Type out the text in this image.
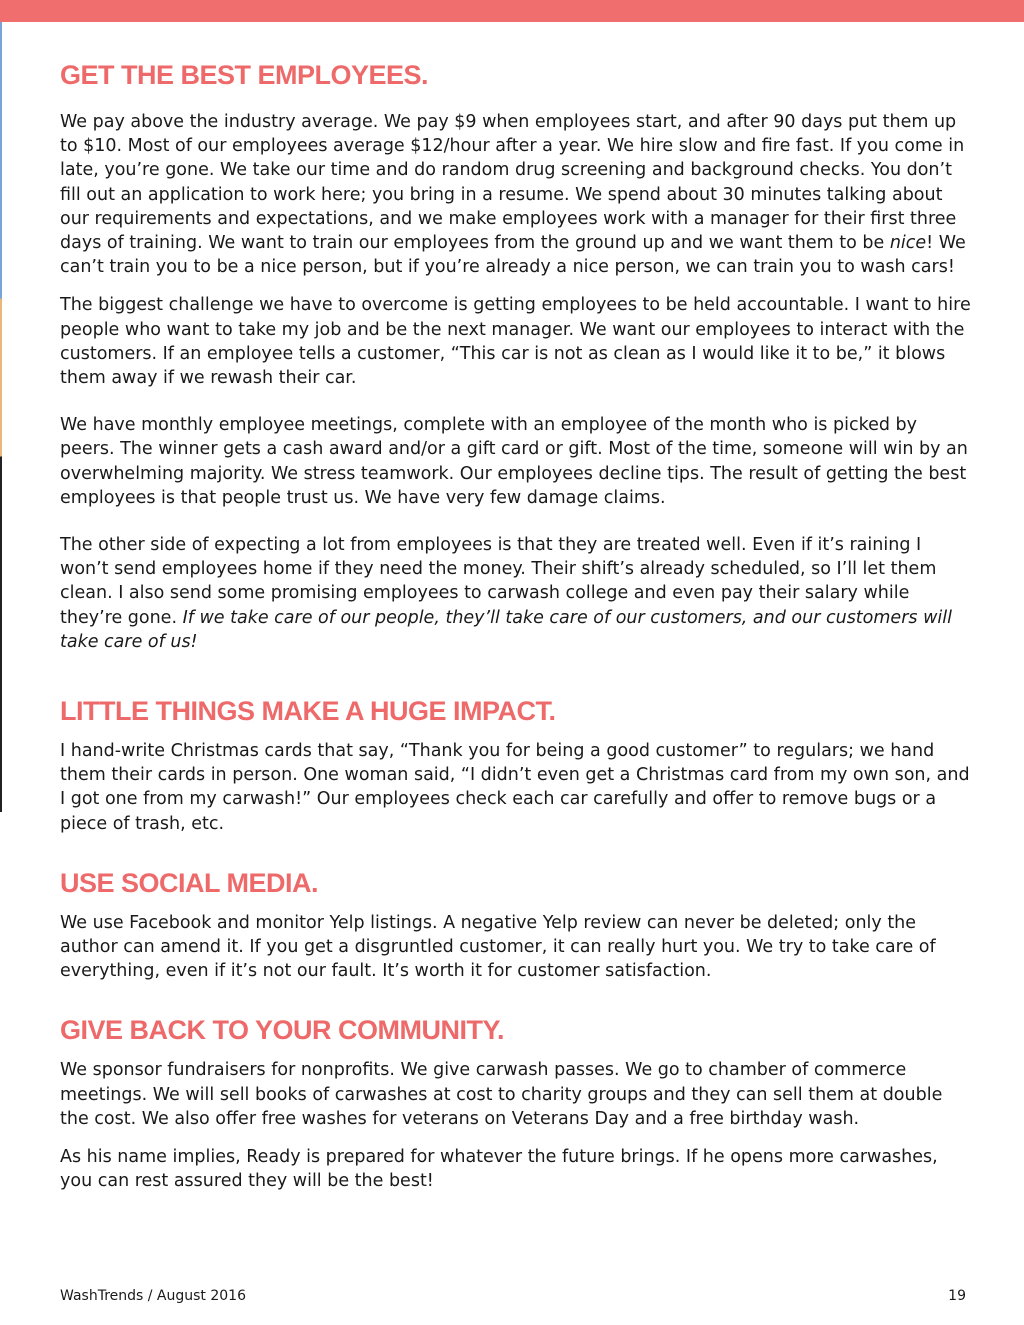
GET THE BEST EMPLOYEES.

We pay above the industry average. We pay $9 when employees start, and after 90 days put them up to $10. Most of our employees average $12/hour after a year. We hire slow and fire fast. If you come in late, you’re gone. We take our time and do random drug screening and background checks. You don’t fill out an application to work here; you bring in a resume. We spend about 30 minutes talking about our requirements and expectations, and we make employees work with a manager for their first three days of training. We want to train our employees from the ground up and we want them to be nice! We can’t train you to be a nice person, but if you’re already a nice person, we can train you to wash cars!

The biggest challenge we have to overcome is getting employees to be held accountable. I want to hire people who want to take my job and be the next manager. We want our employees to interact with the customers. If an employee tells a customer, “This car is not as clean as I would like it to be,” it blows them away if we rewash their car.

We have monthly employee meetings, complete with an employee of the month who is picked by peers. The winner gets a cash award and/or a gift card or gift. Most of the time, someone will win by an overwhelming majority. We stress teamwork. Our employees decline tips. The result of getting the best employees is that people trust us. We have very few damage claims.

The other side of expecting a lot from employees is that they are treated well. Even if it’s raining I won’t send employees home if they need the money. Their shift’s already scheduled, so I’ll let them clean. I also send some promising employees to carwash college and even pay their salary while they’re gone. If we take care of our people, they’ll take care of our customers, and our customers will take care of us!

LITTLE THINGS MAKE A HUGE IMPACT.

I hand-write Christmas cards that say, “Thank you for being a good customer” to regulars; we hand them their cards in person. One woman said, “I didn’t even get a Christmas card from my own son, and I got one from my carwash!” Our employees check each car carefully and offer to remove bugs or a piece of trash, etc.

USE SOCIAL MEDIA.

We use Facebook and monitor Yelp listings. A negative Yelp review can never be deleted; only the author can amend it. If you get a disgruntled customer, it can really hurt you. We try to take care of everything, even if it’s not our fault. It’s worth it for customer satisfaction.

GIVE BACK TO YOUR COMMUNITY.

We sponsor fundraisers for nonprofits. We give carwash passes. We go to chamber of commerce meetings. We will sell books of carwashes at cost to charity groups and they can sell them at double the cost. We also offer free washes for veterans on Veterans Day and a free birthday wash.

As his name implies, Ready is prepared for whatever the future brings. If he opens more carwashes, you can rest assured they will be the best!

WashTrends / August 2016	19
